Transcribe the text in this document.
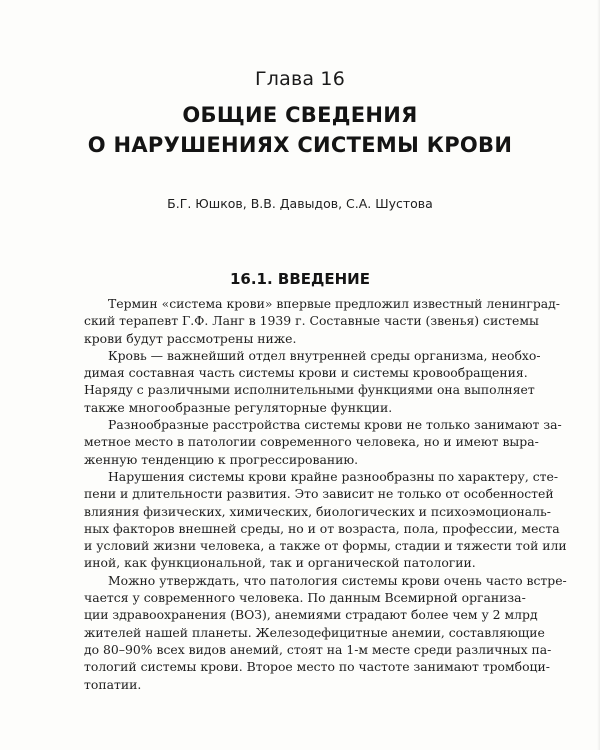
Глава 16
ОБЩИЕ СВЕДЕНИЯ
О НАРУШЕНИЯХ СИСТЕМЫ КРОВИ
Б.Г. Юшков, В.В. Давыдов, С.А. Шустова
16.1. ВВЕДЕНИЕ
Термин «система крови» впервые предложил известный ленинград-
ский терапевт Г.Ф. Ланг в 1939 г. Составные части (звенья) системы
крови будут рассмотрены ниже.
Кровь — важнейший отдел внутренней среды организма, необхо-
димая составная часть системы крови и системы кровообращения.
Наряду с различными исполнительными функциями она выполняет
также многообразные регуляторные функции.
Разнообразные расстройства системы крови не только занимают за-
метное место в патологии современного человека, но и имеют выра-
женную тенденцию к прогрессированию.
Нарушения системы крови крайне разнообразны по характеру, сте-
пени и длительности развития. Это зависит не только от особенностей
влияния физических, химических, биологических и психоэмоциональ-
ных факторов внешней среды, но и от возраста, пола, профессии, места
и условий жизни человека, а также от формы, стадии и тяжести той или
иной, как функциональной, так и органической патологии.
Можно утверждать, что патология системы крови очень часто встре-
чается у современного человека. По данным Всемирной организа-
ции здравоохранения (ВОЗ), анемиями страдают более чем у 2 млрд
жителей нашей планеты. Железодефицитные анемии, составляющие
до 80–90% всех видов анемий, стоят на 1-м месте среди различных па-
тологий системы крови. Второе место по частоте занимают тромбоци-
топатии.
